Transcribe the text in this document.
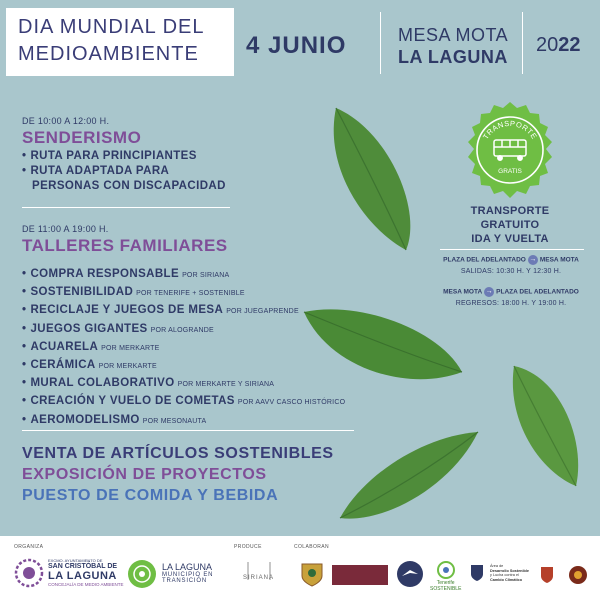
DIA MUNDIAL DEL
MEDIOAMBIENTE	4 JUNIO	MESA MOTA
LA LAGUNA
2022
DE 10:00 A 12:00 H.
SENDERISMO
• RUTA PARA PRINCIPIANTES
• RUTA ADAPTADA PARA
PERSONAS CON DISCAPACIDAD
DE 11:00 A 19:00 H.
TALLERES FAMILIARES
• COMPRA RESPONSABLE POR SIRIANA
• SOSTENIBILIDAD POR TENERIFE + SOSTENIBLE
• RECICLAJE Y JUEGOS DE MESA POR JUEGAPRENDE
• JUEGOS GIGANTES POR ALOGRANDE
• ACUARELA POR MERKARTE
• CERÁMICA POR MERKARTE
• MURAL COLABORATIVO POR MERKARTE Y SIRIANA
• CREACIÓN Y VUELO DE COMETAS POR AAVV CASCO HISTÓRICO
• AEROMODELISMO POR MESONAUTA
VENTA DE ARTÍCULOS SOSTENIBLES
EXPOSICIÓN DE PROYECTOS
PUESTO DE COMIDA Y BEBIDA
TRANSPORTE
GRATIS
TRANSPORTE
GRATUITO
IDA Y VUELTA
PLAZA DEL ADELANTADO → MESA MOTA
SALIDAS: 10:30 H. Y 12:30 H.
MESA MOTA → PLAZA DEL ADELANTADO
REGRESOS: 18:00 H. Y 19:00 H.
ORGANIZA	PRODUCE	COLABORAN
EXCMO. AYUNTAMIENTO DE
SAN CRISTÓBAL DE
LA LAGUNA
CONCEJALÍA DE MEDIO AMBIENTE
LA LAGUNA
MUNICIPIO EN
TRANSICIÓN	SIRIANA
Tenerife
SOSTENIBLE
Área de
Desarrollo Sostenible
y Lucha contra el
Cambio Climático
